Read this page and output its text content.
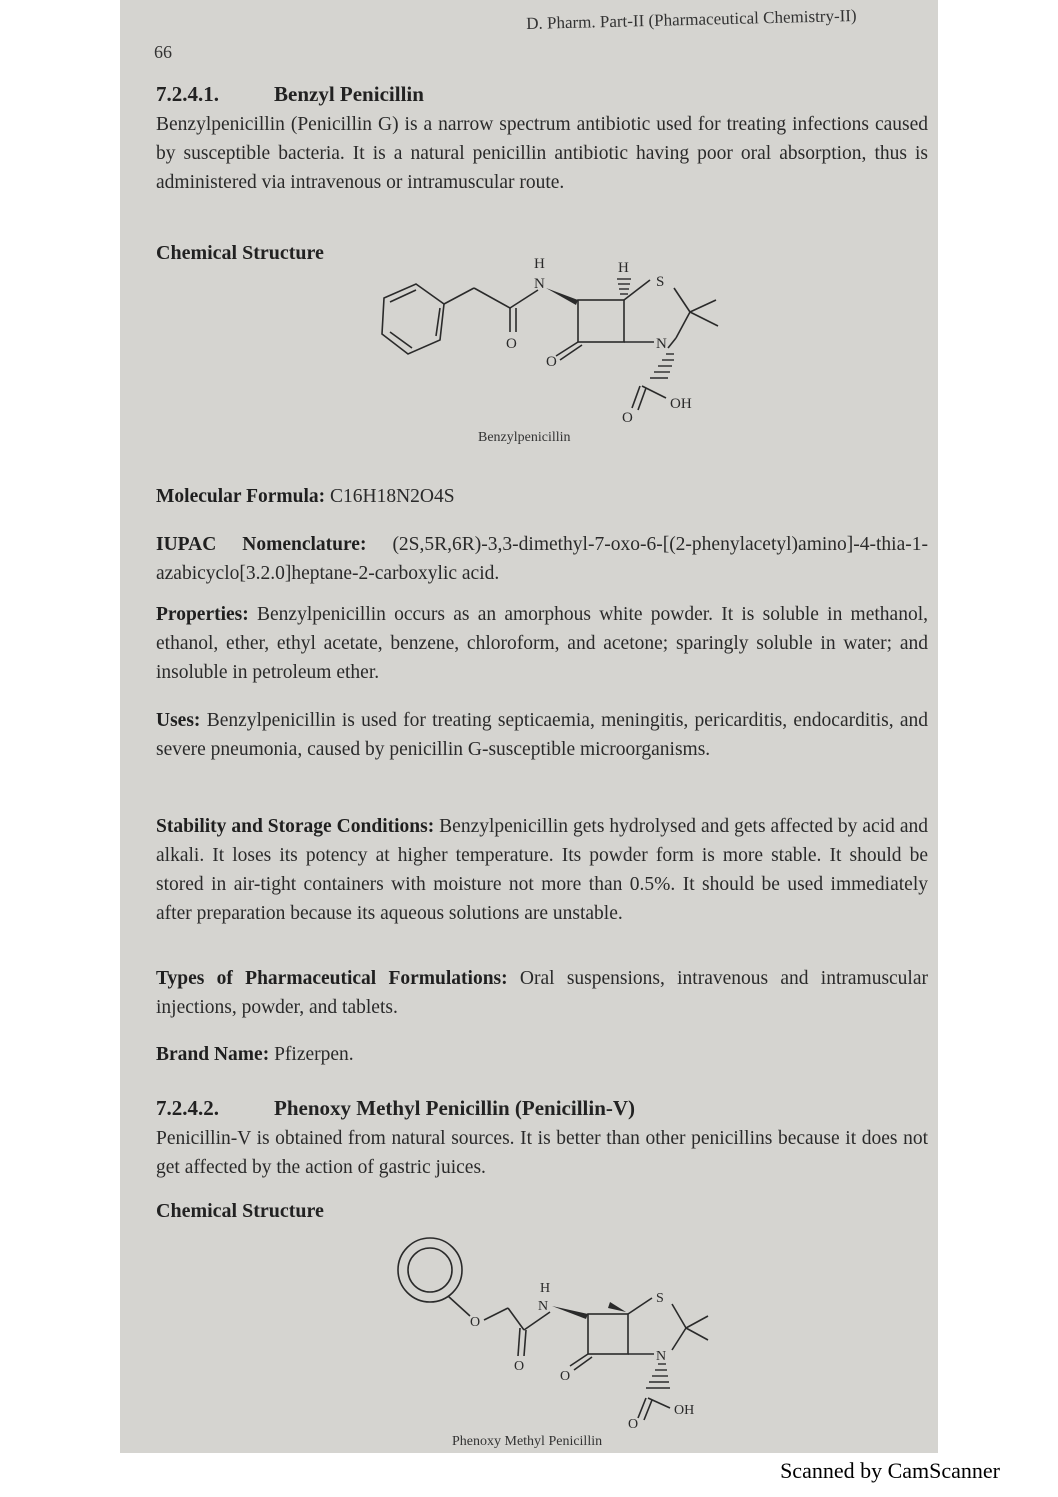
D. Pharm. Part-II (Pharmaceutical Chemistry-II)
66
7.2.4.1.	Benzyl Penicillin
Benzylpenicillin (Penicillin G) is a narrow spectrum antibiotic used for treating infections caused by susceptible bacteria. It is a natural penicillin antibiotic having poor oral absorption, thus is administered via intravenous or intramuscular route.
Chemical Structure	H
N
H
S
O
O
N
O
OH
Benzylpenicillin
Molecular Formula: C16H18N2O4S
IUPAC Nomenclature: (2S,5R,6R)-3,3-dimethyl-7-oxo-6-[(2-phenylacetyl)amino]-4-thia-1-azabicyclo[3.2.0]heptane-2-carboxylic acid.
Properties: Benzylpenicillin occurs as an amorphous white powder. It is soluble in methanol, ethanol, ether, ethyl acetate, benzene, chloroform, and acetone; sparingly soluble in water; and insoluble in petroleum ether.
Uses: Benzylpenicillin is used for treating septicaemia, meningitis, pericarditis, endocarditis, and severe pneumonia, caused by penicillin G-susceptible microorganisms.
Stability and Storage Conditions: Benzylpenicillin gets hydrolysed and gets affected by acid and alkali. It loses its potency at higher temperature. Its powder form is more stable. It should be stored in air-tight containers with moisture not more than 0.5%. It should be used immediately after preparation because its aqueous solutions are unstable.
Types of Pharmaceutical Formulations: Oral suspensions, intravenous and intramuscular injections, powder, and tablets.
Brand Name: Pfizerpen.
7.2.4.2.	Phenoxy Methyl Penicillin (Penicillin-V)
Penicillin-V is obtained from natural sources. It is better than other penicillins because it does not get affected by the action of gastric juices.
Chemical Structure
O
H
N
S
O
O
N
O
OH
Phenoxy Methyl Penicillin
Scanned by CamScanner
